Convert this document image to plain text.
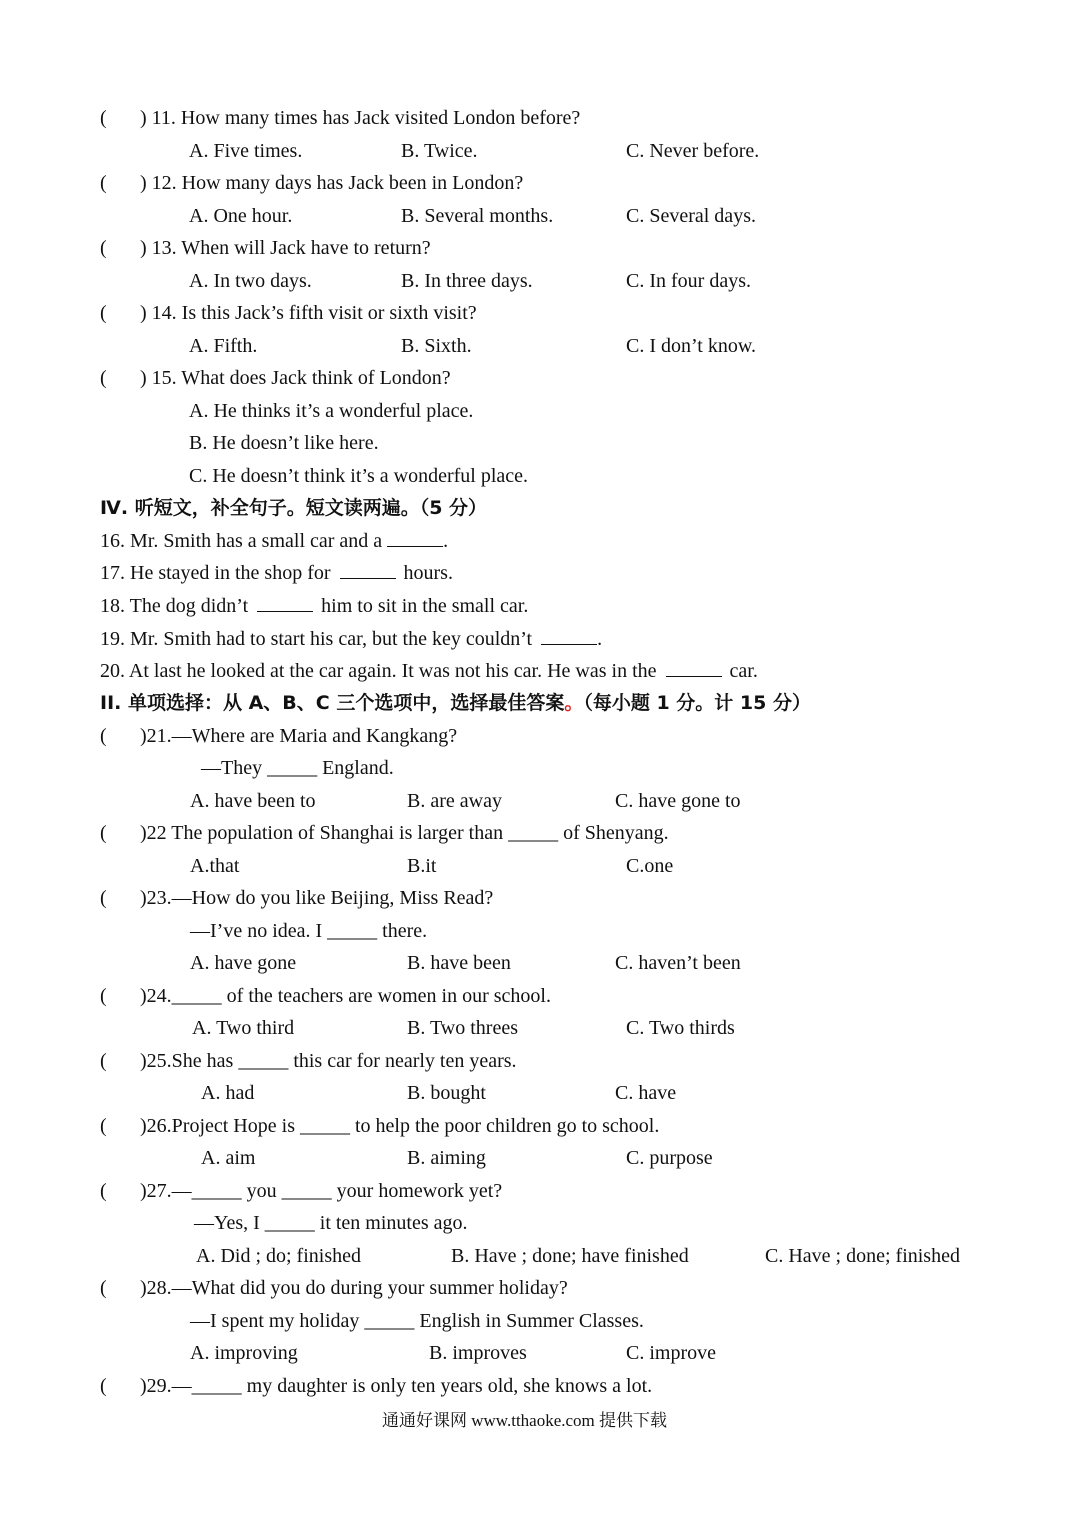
( ) 11. How many times has Jack visited London before?
A. Five times.	B. Twice.	C. Never before.
( ) 12. How many days has Jack been in London?
A. One hour.	B. Several months.	C. Several days.
( ) 13. When will Jack have to return?
A. In two days.	B. In three days.	C. In four days.
( ) 14. Is this Jack’s fifth visit or sixth visit?
A. Fifth.	B. Sixth.	C. I don’t know.
( ) 15. What does Jack think of London?
A. He thinks it’s a wonderful place.
B. He doesn’t like here.
C. He doesn’t think it’s a wonderful place.
Ⅳ. 听短文，补全句子。短文读两遍。（5 分）
16. Mr. Smith has a small car and a	.
17. He stayed in the shop for	hours.
18. The dog didn’t	him to sit in the small car.
19. Mr. Smith had to start his car, but the key couldn’t	.
20. At last he looked at the car again. It was not his car. He was in the	car.
II. 单项选择：从 A、B、C 三个选项中，选择最佳答案。（每小题 1 分。计 15 分）
( )21.—Where are Maria and Kangkang?
—They _____ England.
A. have been to	B. are away	C. have gone to
( )22 The population of Shanghai is larger than _____ of Shenyang.
A.that	B.it	C.one
( )23.—How do you like Beijing, Miss Read?
—I’ve no idea. I _____ there.
A. have gone	B. have been	C. haven’t been
( )24._____ of the teachers are women in our school.
A. Two third	B. Two threes	C. Two thirds
( )25.She has _____ this car for nearly ten years.
A. had	B. bought	C. have
( )26.Project Hope is _____ to help the poor children go to school.
A. aim	B. aiming	C. purpose
( )27.—_____ you _____ your homework yet?
—Yes, I _____ it ten minutes ago.
A. Did ; do; finished	B. Have ; done; have finished	C. Have ; done; finished
( )28.—What did you do during your summer holiday?
—I spent my holiday _____ English in Summer Classes.
A. improving	B. improves	C. improve
( )29.—_____ my daughter is only ten years old, she knows a lot.
通通好课网 www.tthaoke.com 提供下载
